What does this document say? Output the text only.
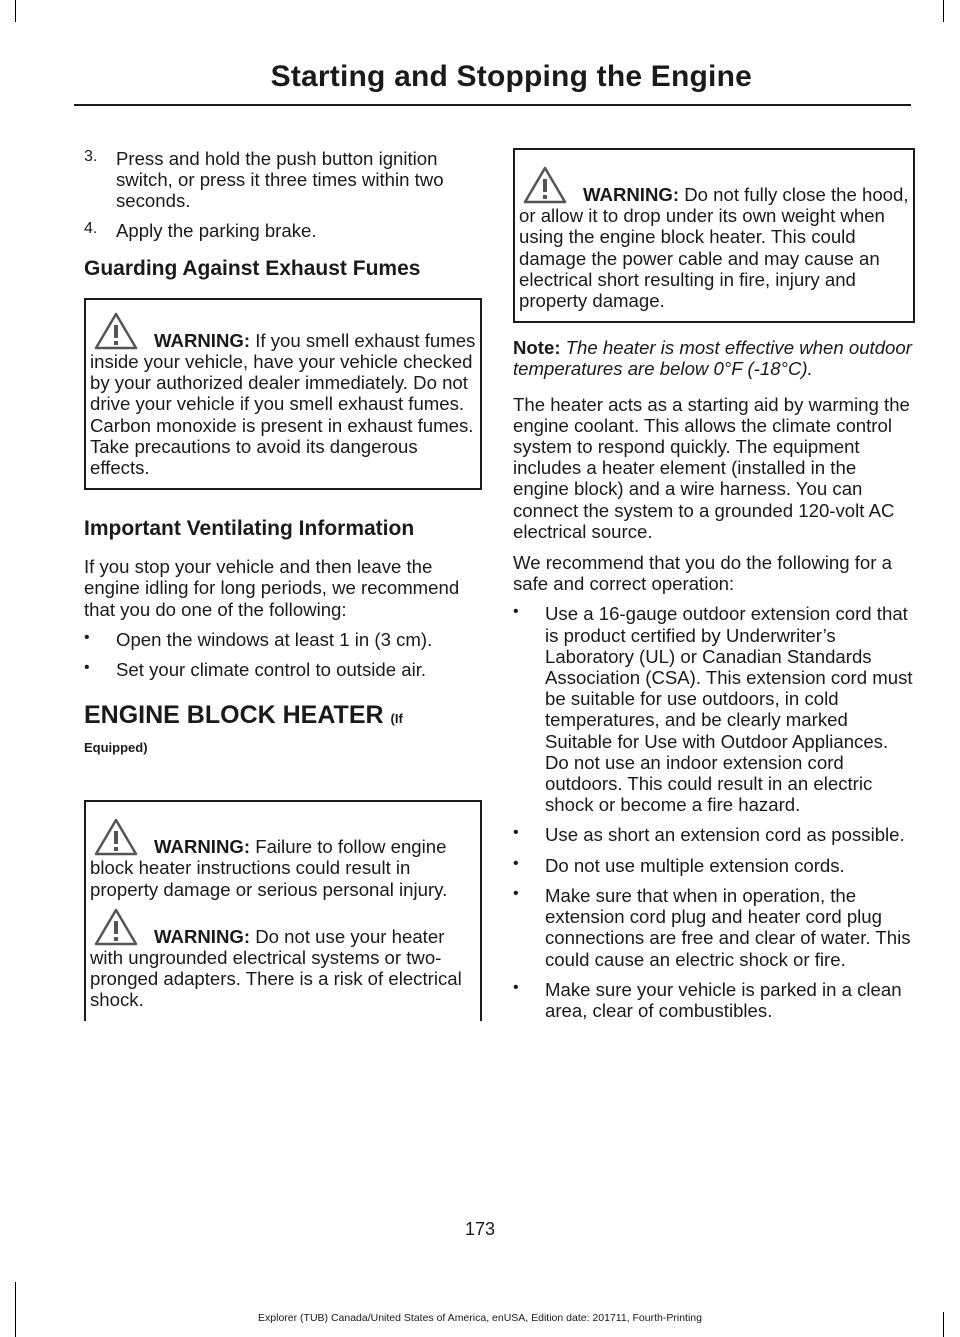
Starting and Stopping the Engine
3.	Press and hold the push button ignition switch, or press it three times within two seconds.

4.	Apply the parking brake.

Guarding Against Exhaust Fumes

WARNING: If you smell exhaust fumes inside your vehicle, have your vehicle checked by your authorized dealer immediately. Do not drive your vehicle if you smell exhaust fumes. Carbon monoxide is present in exhaust fumes. Take precautions to avoid its dangerous effects.

Important Ventilating Information

If you stop your vehicle and then leave the engine idling for long periods, we recommend that you do one of the following:

•	Open the windows at least 1 in (3 cm).

•	Set your climate control to outside air.

ENGINE BLOCK HEATER (If
Equipped)

WARNING: Failure to follow engine block heater instructions could result in property damage or serious personal injury.

WARNING: Do not use your heater with ungrounded electrical systems or two-pronged adapters. There is a risk of electrical shock.

WARNING: Do not fully close the hood, or allow it to drop under its own weight when using the engine block heater. This could damage the power cable and may cause an electrical short resulting in fire, injury and property damage.

Note: The heater is most effective when outdoor temperatures are below 0°F (-18°C).

The heater acts as a starting aid by warming the engine coolant. This allows the climate control system to respond quickly. The equipment includes a heater element (installed in the engine block) and a wire harness. You can connect the system to a grounded 120-volt AC electrical source.

We recommend that you do the following for a safe and correct operation:

•	Use a 16-gauge outdoor extension cord that is product certified by Underwriter’s Laboratory (UL) or Canadian Standards Association (CSA). This extension cord must be suitable for use outdoors, in cold temperatures, and be clearly marked Suitable for Use with Outdoor Appliances. Do not use an indoor extension cord outdoors. This could result in an electric shock or become a fire hazard.

•	Use as short an extension cord as possible.

•	Do not use multiple extension cords.

•	Make sure that when in operation, the extension cord plug and heater cord plug connections are free and clear of water. This could cause an electric shock or fire.

•	Make sure your vehicle is parked in a clean area, clear of combustibles.

173
Explorer (TUB) Canada/United States of America, enUSA, Edition date: 201711, Fourth-Printing
